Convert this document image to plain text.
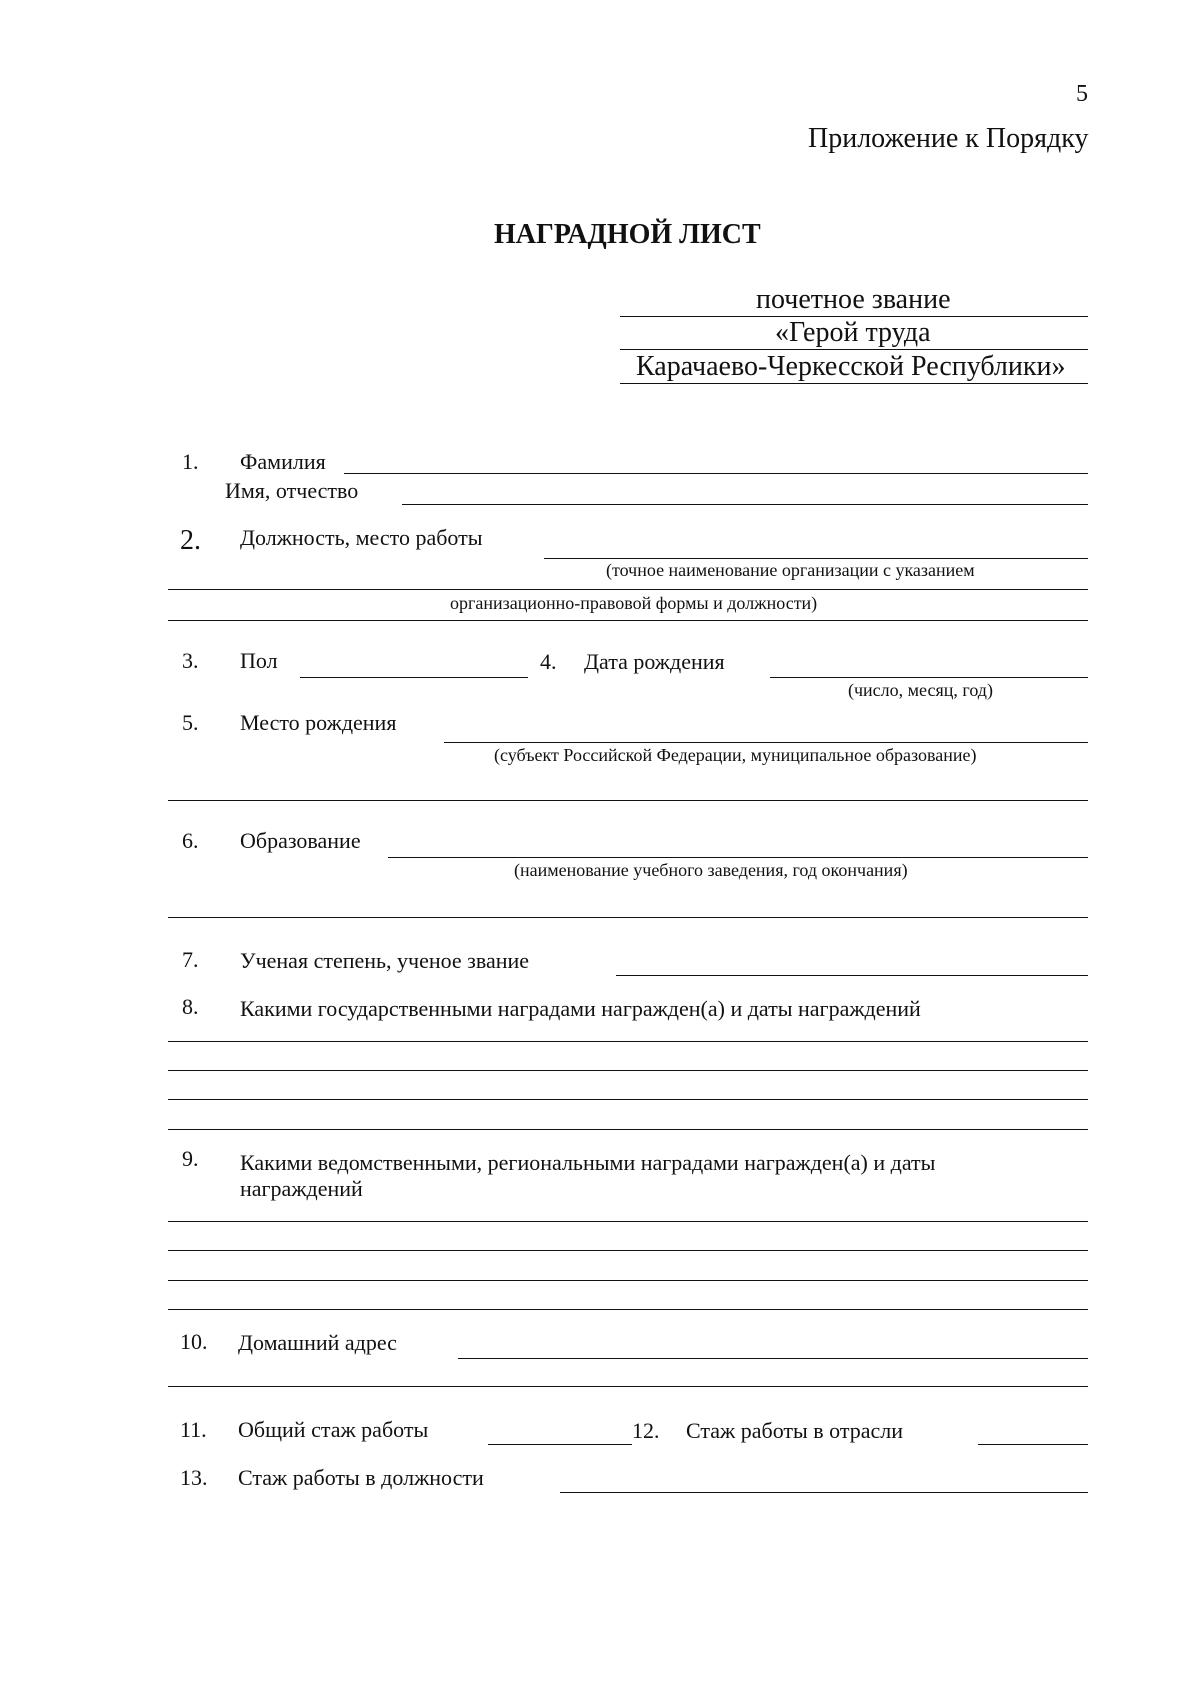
5
Приложение к Порядку
НАГРАДНОЙ ЛИСТ
почетное звание
«Герой труда
Карачаево-Черкесской Республики»
1. Фамилия
Имя, отчество
2. Должность, место работы
(точное наименование организации с указанием
организационно-правовой формы и должности)
3. Пол	4. Дата рождения
(число, месяц, год)
5. Место рождения
(субъект Российской Федерации, муниципальное образование)
6. Образование
(наименование учебного заведения, год окончания)
7. Ученая степень, ученое звание
8. Какими государственными наградами награжден(а) и даты награждений
9. Какими ведомственными, региональными наградами награжден(а) и даты
награждений
10. Домашний адрес
11. Общий стаж работы	12. Стаж работы в отрасли
13. Стаж работы в должности
